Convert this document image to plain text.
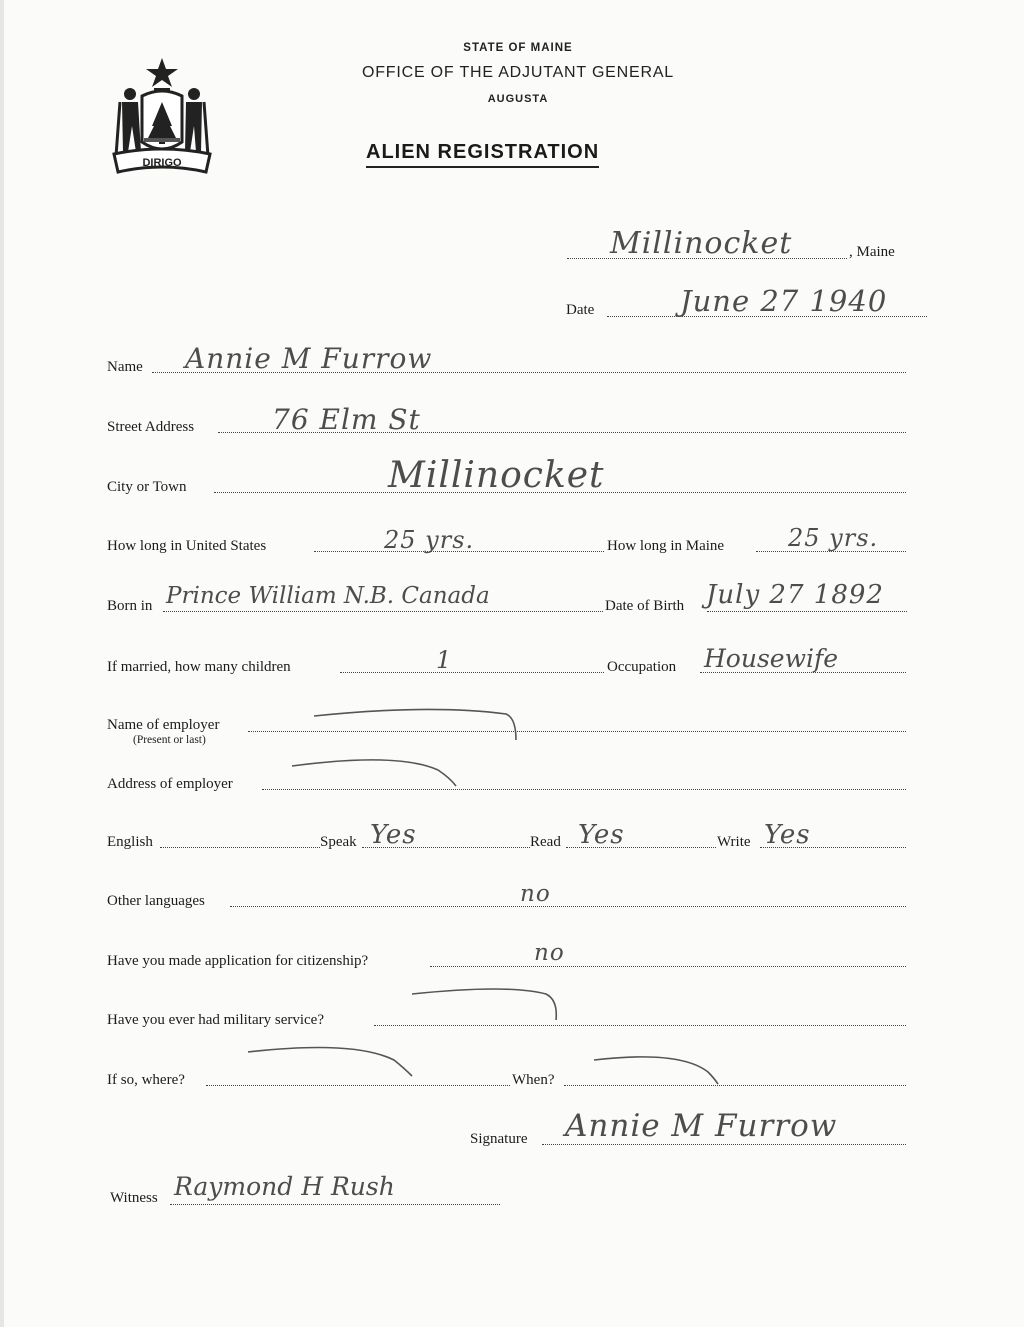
DIRIGO
STATE OF MAINE
OFFICE OF THE ADJUTANT GENERAL
AUGUSTA
ALIEN REGISTRATION
Millinocket	, Maine
Date	June 27 1940
Name Annie M Furrow
Street Address	76 Elm St
City or Town	Millinocket
How long in United States	25 yrs.	How long in Maine	25 yrs.
Born in Prince William N.B. Canada	Date of Birth July 27 1892
If married, how many children	1	Occupation Housewife
Name of employer
(Present or last)
Address of employer
English	Speak Yes	Read Yes	Write Yes
Other languages	no
Have you made application for citizenship?	no
Have you ever had military service?
If so, where?	When?
Signature Annie M Furrow
Witness Raymond H Rush
